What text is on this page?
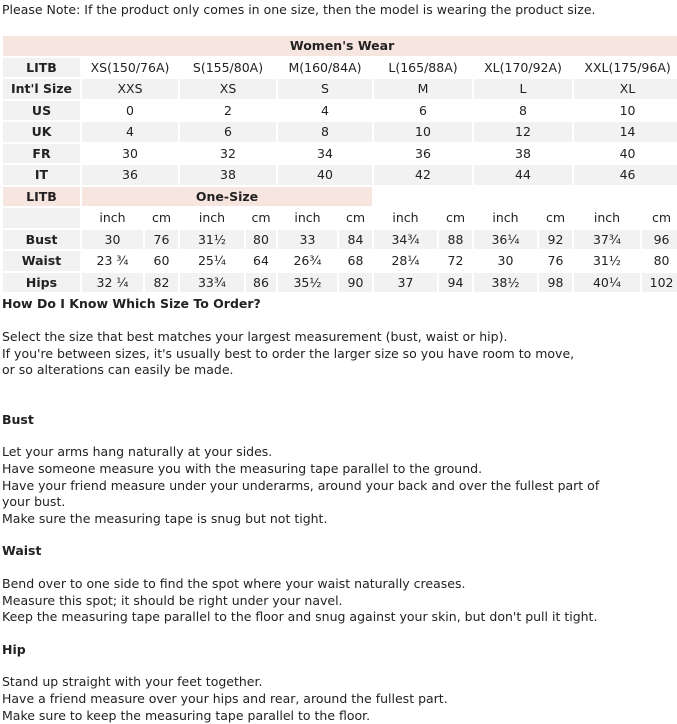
Please Note: If the product only comes in one size, then the model is wearing the product size.
Women's Wear												
LITB	XS(150/76A)		S(155/80A)		M(160/84A)		L(165/88A)		XL(170/92A)		XXL(175/96A)	
Int'l Size	XXS		XS		S		M		L		XL	
US	0		2		4		6		8		10	
UK	4		6		8		10		12		14	
FR	30		32		34		36		38		40	
IT	36		38		40		42		44		46	
LITB	One-Size											
	inch	cm	inch	cm	inch	cm	inch	cm	inch	cm	inch	cm
Bust	30	76	31½	80	33	84	34¾	88	36¼	92	37¾	96
Waist	23 ¾	60	25¼	64	26¾	68	28¼	72	30	76	31½	80
Hips	32 ¼	82	33¾	86	35½	90	37	94	38½	98	40¼	102
How Do I Know Which Size To Order?

Select the size that best matches your largest measurement (bust, waist or hip).

If you're between sizes, it's usually best to order the larger size so you have room to move,

or so alterations can easily be made.

Bust

Let your arms hang naturally at your sides.

Have someone measure you with the measuring tape parallel to the ground.

Have your friend measure under your underarms, around your back and over the fullest part of

your bust.

Make sure the measuring tape is snug but not tight.

Waist

Bend over to one side to find the spot where your waist naturally creases.

Measure this spot; it should be right under your navel.

Keep the measuring tape parallel to the floor and snug against your skin, but don't pull it tight.

Hip

Stand up straight with your feet together.

Have a friend measure over your hips and rear, around the fullest part.

Make sure to keep the measuring tape parallel to the floor.
